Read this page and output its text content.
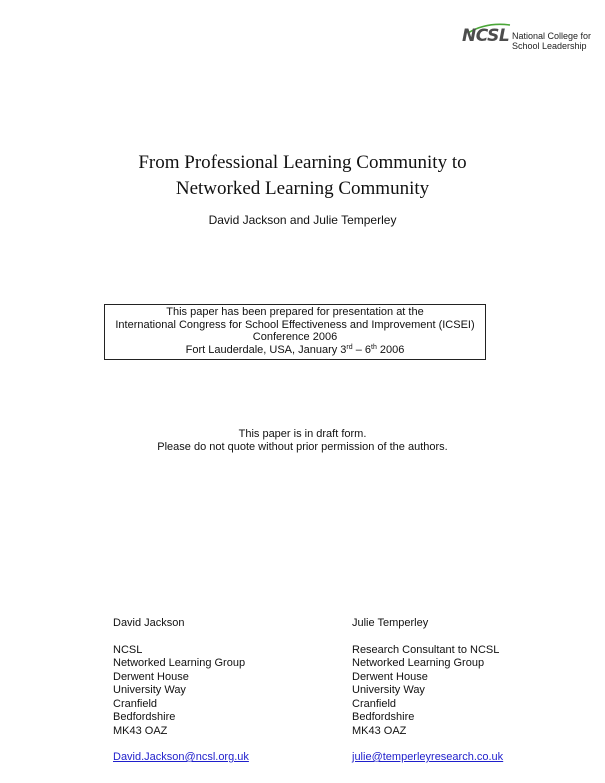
NCSL National College for
School Leadership
From Professional Learning Community to
Networked Learning Community
David Jackson and Julie Temperley
This paper has been prepared for presentation at the
International Congress for School Effectiveness and Improvement (ICSEI)
Conference 2006
Fort Lauderdale, USA, January 3rd – 6th 2006
This paper is in draft form.
Please do not quote without prior permission of the authors.
David Jackson
NCSL
Networked Learning Group
Derwent House
University Way
Cranfield
Bedfordshire
MK43 OAZ
David.Jackson@ncsl.org.uk
Julie Temperley
Research Consultant to NCSL
Networked Learning Group
Derwent House
University Way
Cranfield
Bedfordshire
MK43 OAZ
julie@temperleyresearch.co.uk
